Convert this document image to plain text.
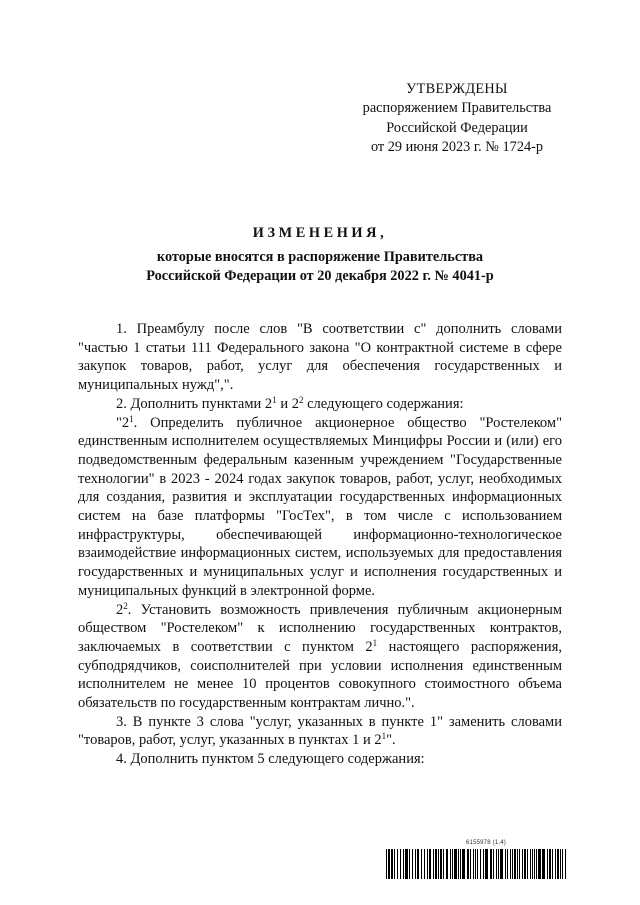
УТВЕРЖДЕНЫ
распоряжением Правительства
Российской Федерации
от 29 июня 2023 г. № 1724-р
ИЗМЕНЕНИЯ,
которые вносятся в распоряжение Правительства
Российской Федерации от 20 декабря 2022 г. № 4041-р

1. Преамбулу после слов "В соответствии с" дополнить словами "частью 1 статьи 111 Федерального закона "О контрактной системе в сфере закупок товаров, работ, услуг для обеспечения государственных и муниципальных нужд",".

2. Дополнить пунктами $2^1$ и $2^2$ следующего содержания:

"$2^1$. Определить публичное акционерное общество "Ростелеком" единственным исполнителем осуществляемых Минцифры России и (или) его подведомственным федеральным казенным учреждением "Государственные технологии" в 2023 - 2024 годах закупок товаров, работ, услуг, необходимых для создания, развития и эксплуатации государственных информационных систем на базе платформы "ГосТех", в том числе с использованием инфраструктуры, обеспечивающей информационно-технологическое взаимодействие информационных систем, используемых для предоставления государственных и муниципальных услуг и исполнения государственных и муниципальных функций в электронной форме.

$2^2$. Установить возможность привлечения публичным акционерным обществом "Ростелеком" к исполнению государственных контрактов, заключаемых в соответствии с пунктом $2^1$ настоящего распоряжения, субподрядчиков, соисполнителей при условии исполнения единственным исполнителем не менее 10 процентов совокупного стоимостного объема обязательств по государственным контрактам лично.".

3. В пункте 3 слова "услуг, указанных в пункте 1" заменить словами "товаров, работ, услуг, указанных в пунктах 1 и $2^1$".

4. Дополнить пунктом 5 следующего содержания:

6155978 (1.4)
